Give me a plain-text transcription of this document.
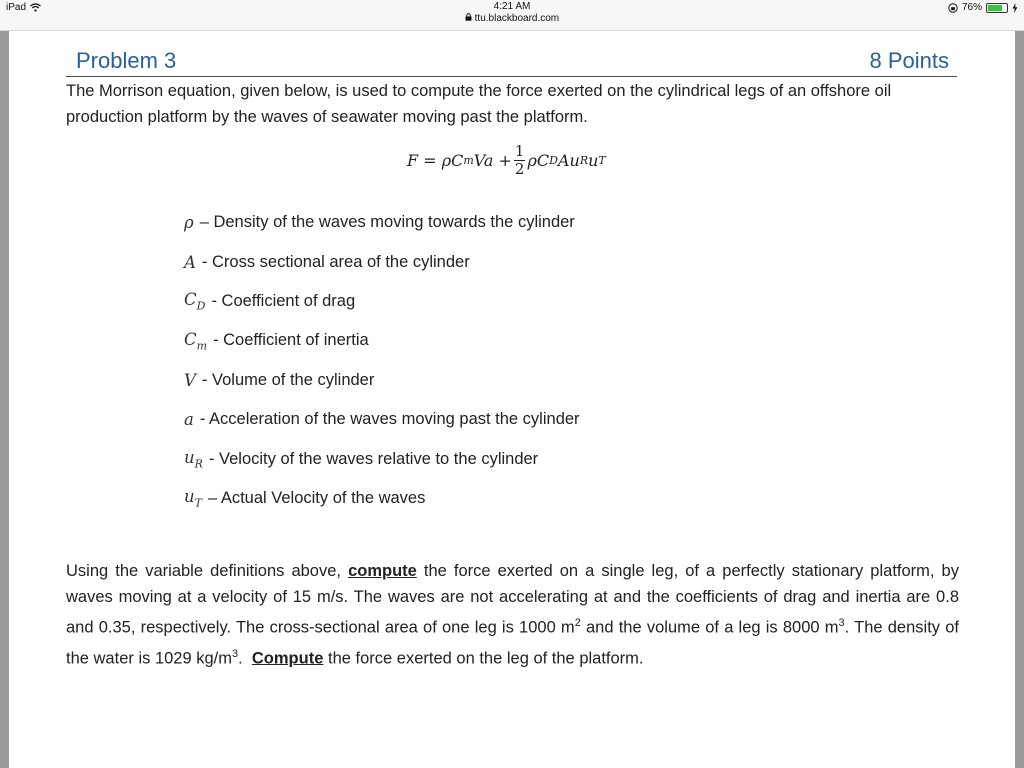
iPad	4:21 AM
ttu.blackboard.com
76%
Problem 3	8 Points
The Morrison equation, given below, is used to compute the force exerted on the cylindrical legs of an offshore oil production platform by the waves of seawater moving past the platform.
F
=
ρC m $Va + \frac{1}{2}$ ρC D Au R u T
ρ – Density of the waves moving towards the cylinder
A - Cross sectional area of the cylinder
$C_D$ - Coefficient of drag
$C_m$ - Coefficient of inertia
V - Volume of the cylinder
a - Acceleration of the waves moving past the cylinder
$u_R$ - Velocity of the waves relative to the cylinder
$u_T$ – Actual Velocity of the waves
Using the variable definitions above, compute the force exerted on a single leg, of a perfectly stationary platform, by waves moving at a velocity of 15 m/s. The waves are not accelerating at and the coefficients of drag and inertia are 0.8 and 0.35, respectively. The cross-sectional area of one leg is 1000 $m^2$ and the volume of a leg is 8000 $m^3$. The density of the water is 1029 $kg/m^3$. Compute the force exerted on the leg of the platform.
